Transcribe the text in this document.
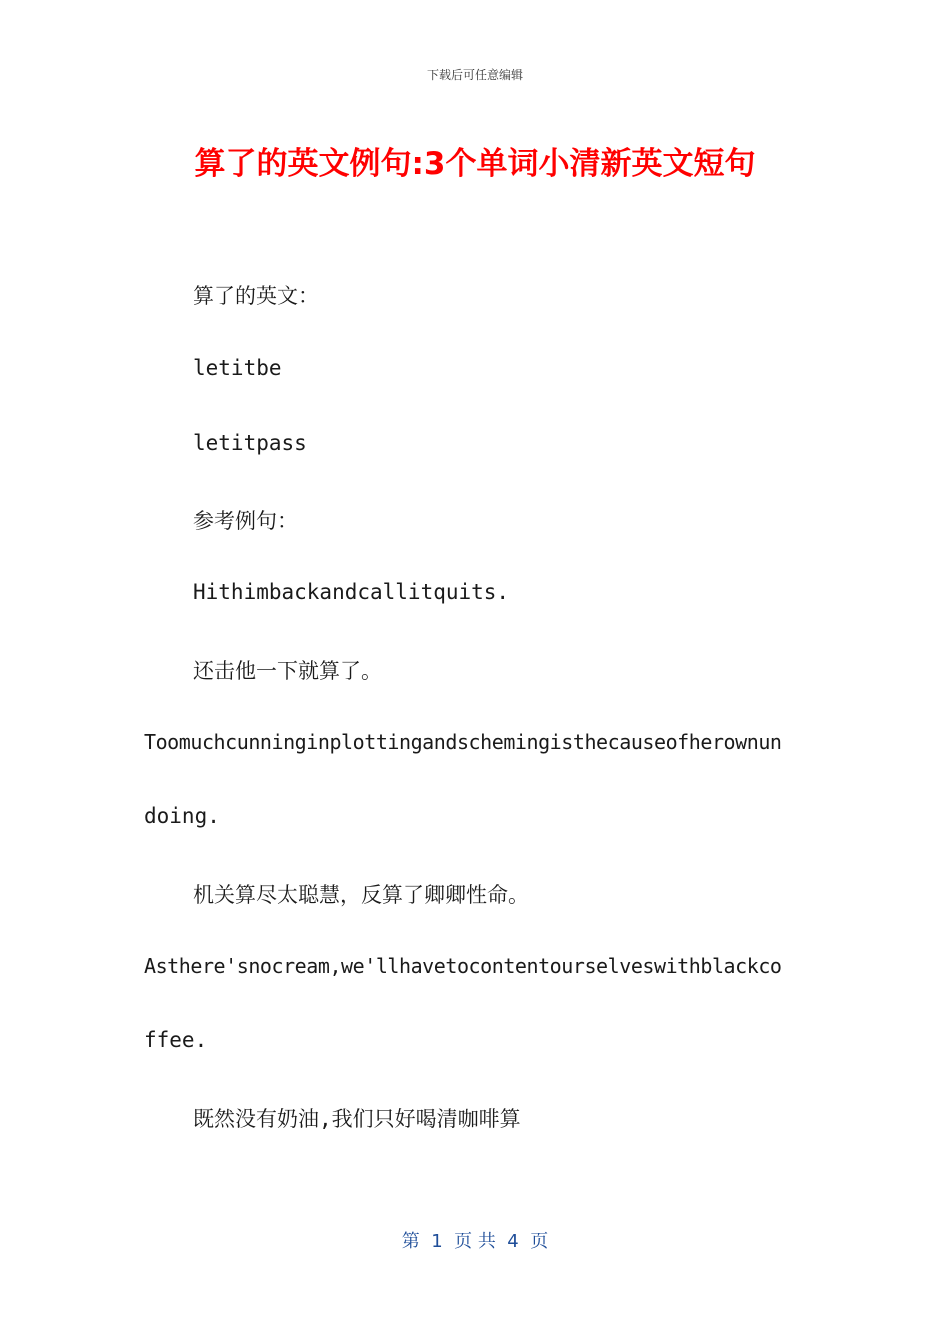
下载后可任意编辑
算了的英文例句:3个单词小清新英文短句
算了的英文：
letitbe
letitpass
参考例句：
Hithimbackandcallitquits.
还击他一下就算了。
Toomuchcunninginplottingandschemingisthecauseofherownun
doing.
机关算尽太聪慧，反算了卿卿性命。
Asthere'snocream,we'llhavetocontentourselveswithblackco
ffee.
既然没有奶油,我们只好喝清咖啡算
第  1  页 共  4  页
